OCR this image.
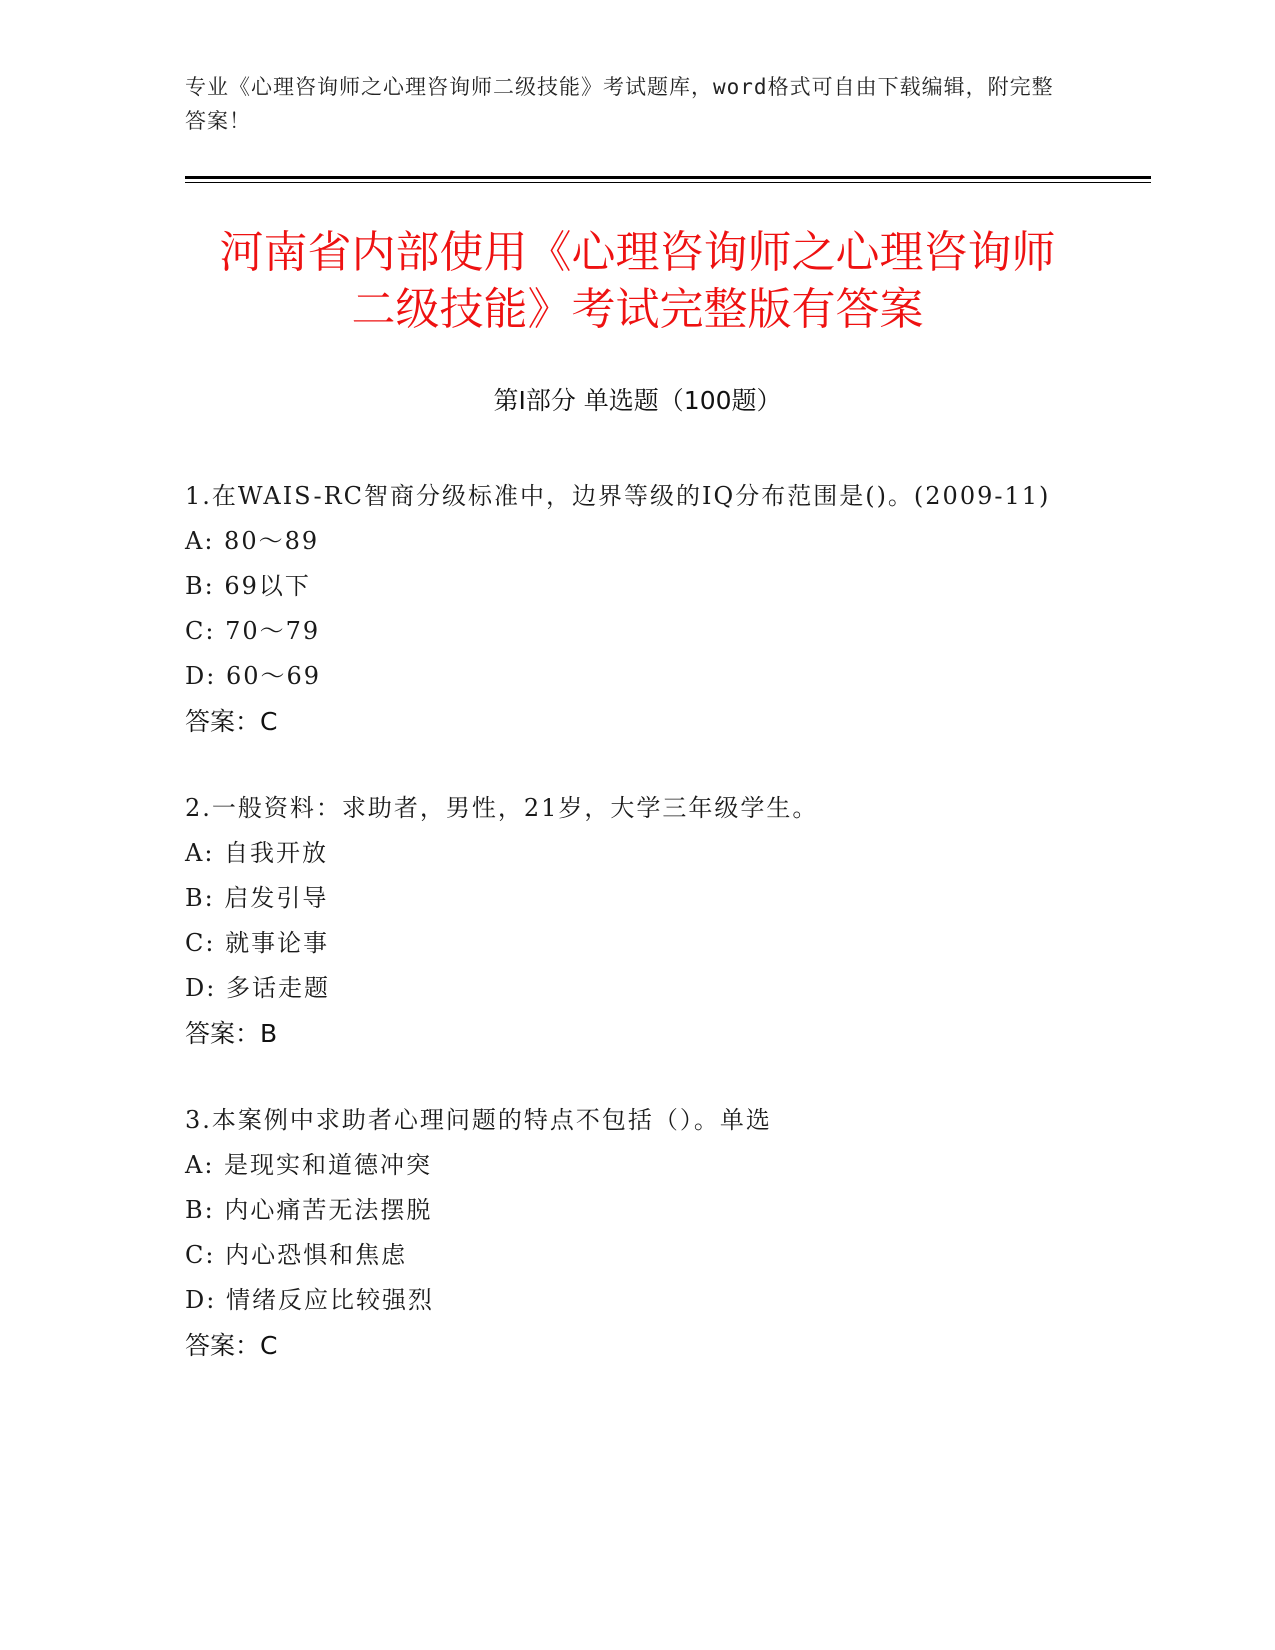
专业《心理咨询师之心理咨询师二级技能》考试题库，word格式可自由下载编辑，附完整答案！
河南省内部使用《心理咨询师之心理咨询师
二级技能》考试完整版有答案
第Ⅰ部分 单选题（100题）
1.在WAIS-RC智商分级标准中，边界等级的IQ分布范围是()。(2009-11)
A: 80～89
B: 69以下
C: 70～79
D: 60～69
答案：C
2.一般资料：求助者，男性，21岁，大学三年级学生。
A: 自我开放
B: 启发引导
C: 就事论事
D: 多话走题
答案：B
3.本案例中求助者心理问题的特点不包括（）。单选
A: 是现实和道德冲突
B: 内心痛苦无法摆脱
C: 内心恐惧和焦虑
D: 情绪反应比较强烈
答案：C
